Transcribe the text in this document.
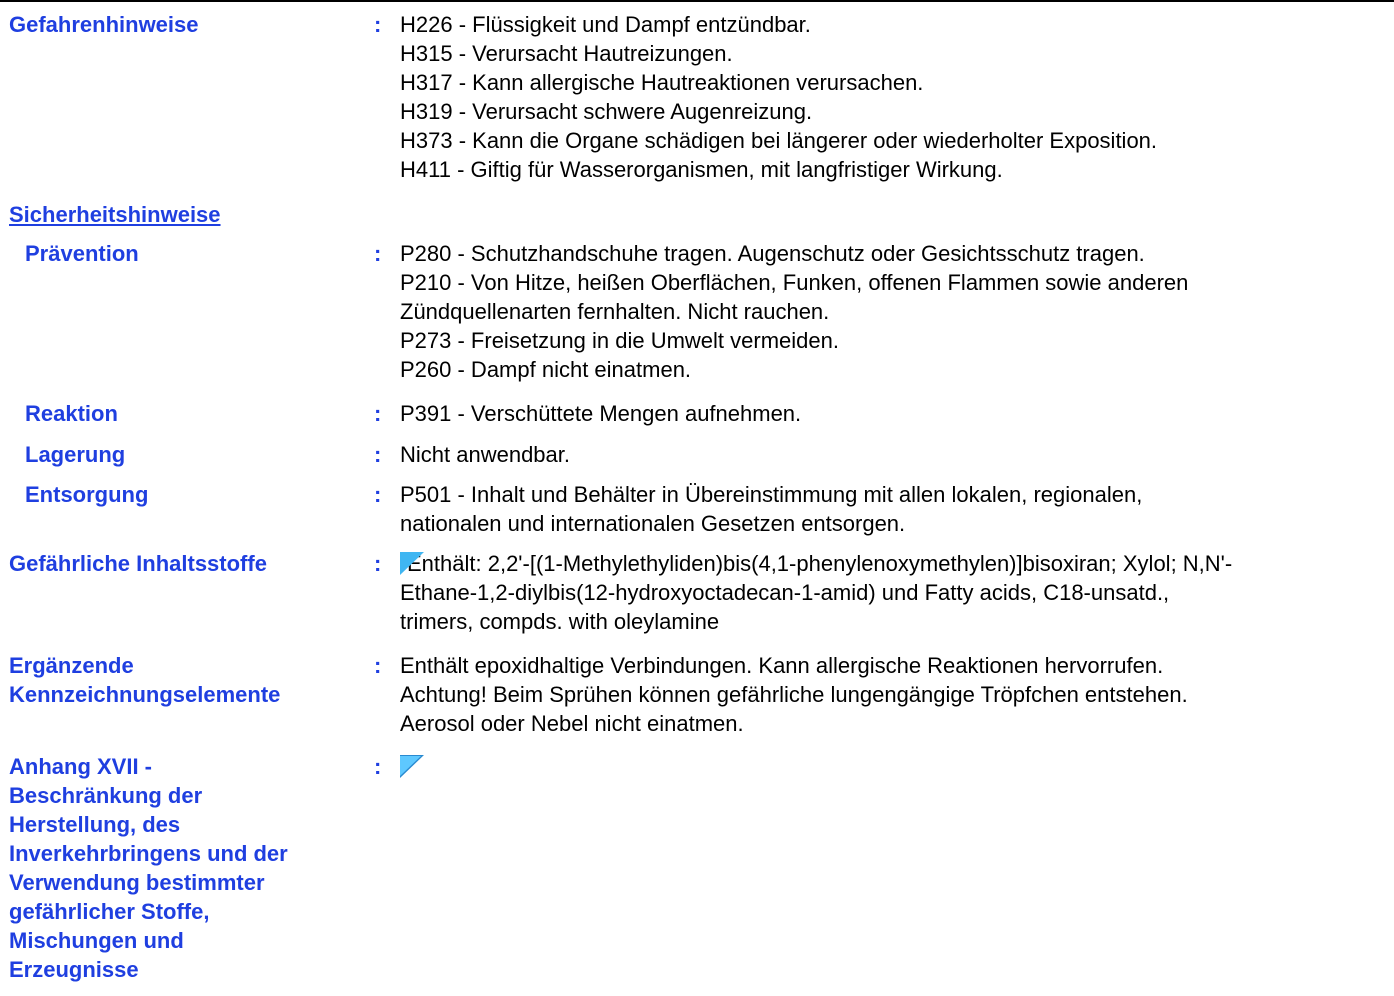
Gefahrenhinweise	: H226 - Flüssigkeit und Dampf entzündbar.
H315 - Verursacht Hautreizungen.
H317 - Kann allergische Hautreaktionen verursachen.
H319 - Verursacht schwere Augenreizung.
H373 - Kann die Organe schädigen bei längerer oder wiederholter Exposition.
H411 - Giftig für Wasserorganismen, mit langfristiger Wirkung.
Sicherheitshinweise
Prävention	: P280 - Schutzhandschuhe tragen. Augenschutz oder Gesichtsschutz tragen.
P210 - Von Hitze, heißen Oberflächen, Funken, offenen Flammen sowie anderen
Zündquellenarten fernhalten. Nicht rauchen.
P273 - Freisetzung in die Umwelt vermeiden.
P260 - Dampf nicht einatmen.
Reaktion	: P391 - Verschüttete Mengen aufnehmen.
Lagerung	: Nicht anwendbar.
Entsorgung	: P501 - Inhalt und Behälter in Übereinstimmung mit allen lokalen, regionalen,
nationalen und internationalen Gesetzen entsorgen.
Gefährliche Inhaltsstoffe	:	Enthält: 2,2'-[(1-Methylethyliden)bis(4,1-phenylenoxymethylen)]bisoxiran; Xylol; N,N'-
Ethane-1,2-diylbis(12-hydroxyoctadecan-1-amid) und Fatty acids, C18-unsatd.,
trimers, compds. with oleylamine
Ergänzende
Kennzeichnungselemente
: Enthält epoxidhaltige Verbindungen. Kann allergische Reaktionen hervorrufen.
Achtung! Beim Sprühen können gefährliche lungengängige Tröpfchen entstehen.
Aerosol oder Nebel nicht einatmen.
Anhang XVII -
Beschränkung der
Herstellung, des
Inverkehrbringens und der
Verwendung bestimmter
gefährlicher Stoffe,
Mischungen und
Erzeugnisse
:
